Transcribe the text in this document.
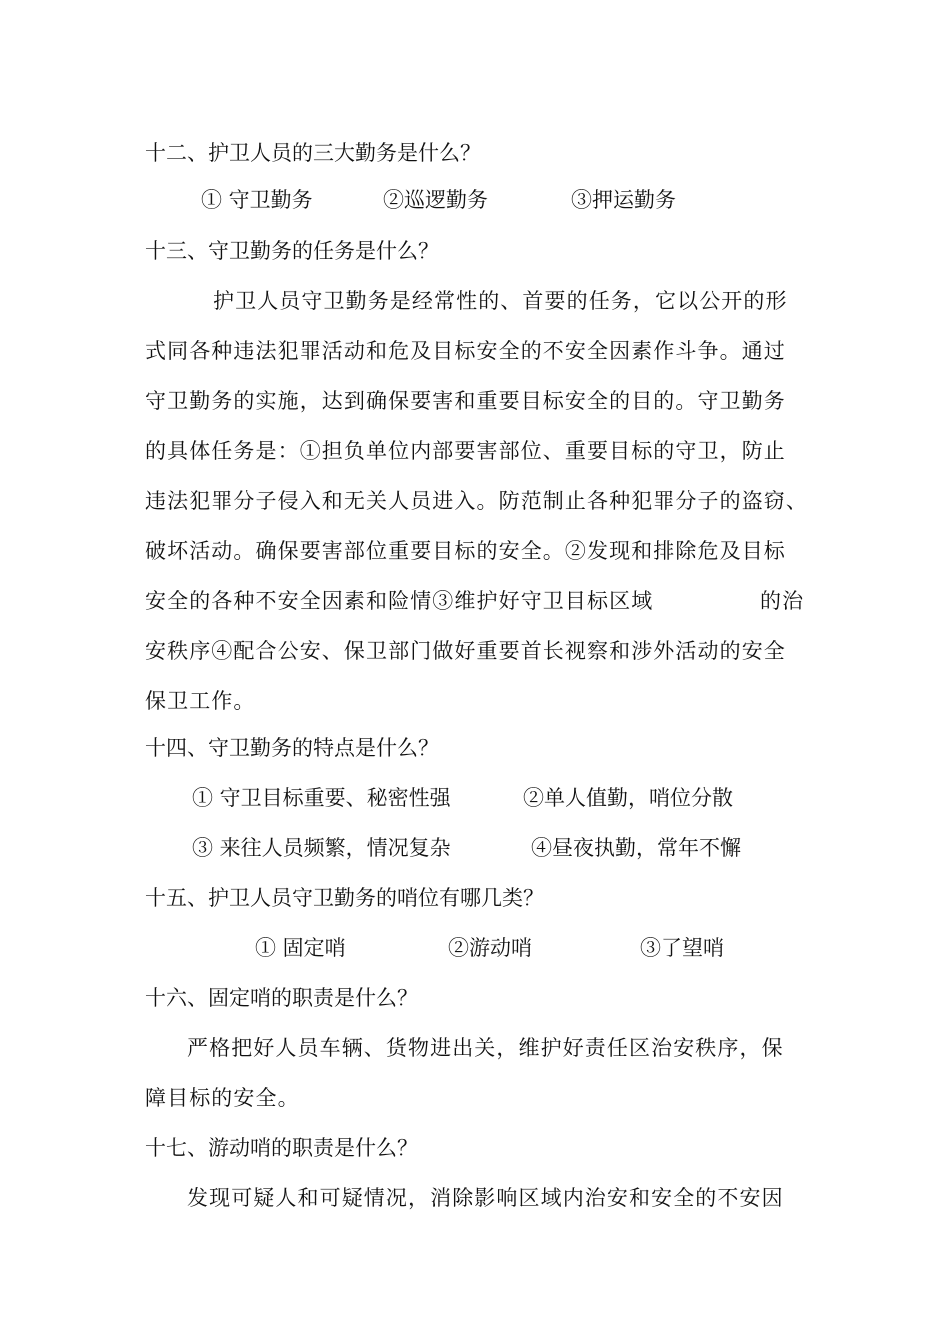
十二、护卫人员的三大勤务是什么？
① 守卫勤务	②巡逻勤务	③押运勤务
十三、守卫勤务的任务是什么？
护卫人员守卫勤务是经常性的、首要的任务，它以公开的形
式同各种违法犯罪活动和危及目标安全的不安全因素作斗争。通过
守卫勤务的实施，达到确保要害和重要目标安全的目的。守卫勤务
的具体任务是：①担负单位内部要害部位、重要目标的守卫，防止
违法犯罪分子侵入和无关人员进入。防范制止各种犯罪分子的盗窃、
破坏活动。确保要害部位重要目标的安全。②发现和排除危及目标
安全的各种不安全因素和险情③维护好守卫目标区域	的治
安秩序④配合公安、保卫部门做好重要首长视察和涉外活动的安全
保卫工作。
十四、守卫勤务的特点是什么？
① 守卫目标重要、秘密性强	②单人值勤，哨位分散
③ 来往人员频繁，情况复杂	④昼夜执勤，常年不懈
十五、护卫人员守卫勤务的哨位有哪几类？
① 固定哨	②游动哨	③了望哨
十六、固定哨的职责是什么？
严格把好人员车辆、货物进出关，维护好责任区治安秩序，保
障目标的安全。
十七、游动哨的职责是什么？
发现可疑人和可疑情况，消除影响区域内治安和安全的不安因
